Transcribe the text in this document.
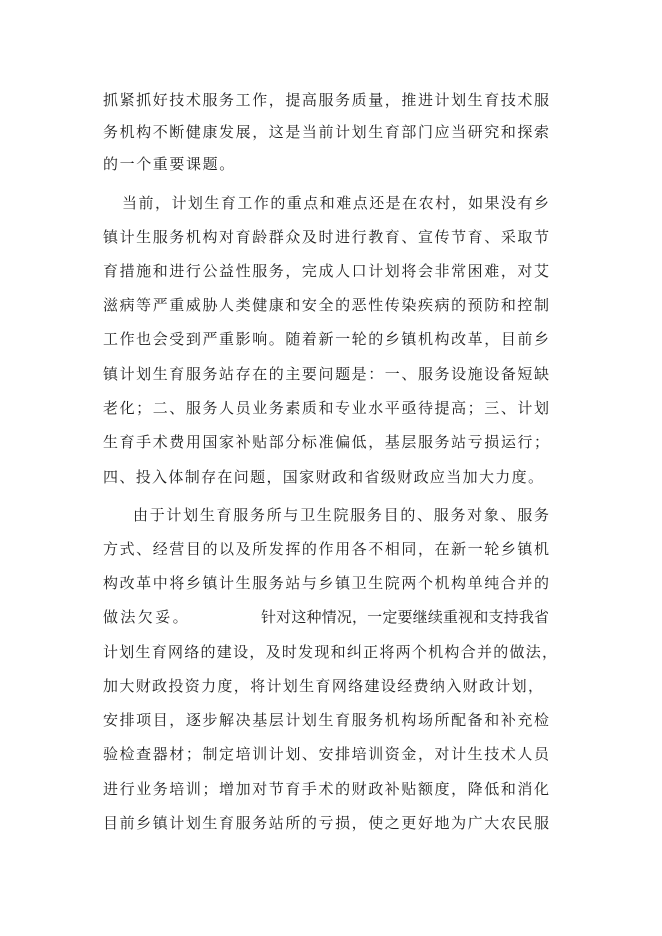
抓紧抓好技术服务工作，提高服务质量，推进计划生育技术服
务机构不断健康发展，这是当前计划生育部门应当研究和探索
的一个重要课题。
当前，计划生育工作的重点和难点还是在农村，如果没有乡
镇计生服务机构对育龄群众及时进行教育、宣传节育、采取节
育措施和进行公益性服务，完成人口计划将会非常困难，对艾
滋病等严重威胁人类健康和安全的恶性传染疾病的预防和控制
工作也会受到严重影响。随着新一轮的乡镇机构改革，目前乡
镇计划生育服务站存在的主要问题是：一、服务设施设备短缺
老化；二、服务人员业务素质和专业水平亟待提高；三、计划
生育手术费用国家补贴部分标准偏低，基层服务站亏损运行；
四、投入体制存在问题，国家财政和省级财政应当加大力度。
由于计划生育服务所与卫生院服务目的、服务对象、服务
方式、经营目的以及所发挥的作用各不相同，在新一轮乡镇机
构改革中将乡镇计生服务站与乡镇卫生院两个机构单纯合并的
做法欠妥。	针对这种情况，一定要继续重视和支持我省
计划生育网络的建设，及时发现和纠正将两个机构合并的做法，
加大财政投资力度，将计划生育网络建设经费纳入财政计划，
安排项目，逐步解决基层计划生育服务机构场所配备和补充检
验检查器材；制定培训计划、安排培训资金，对计生技术人员
进行业务培训；增加对节育手术的财政补贴额度，降低和消化
目前乡镇计划生育服务站所的亏损，使之更好地为广大农民服
